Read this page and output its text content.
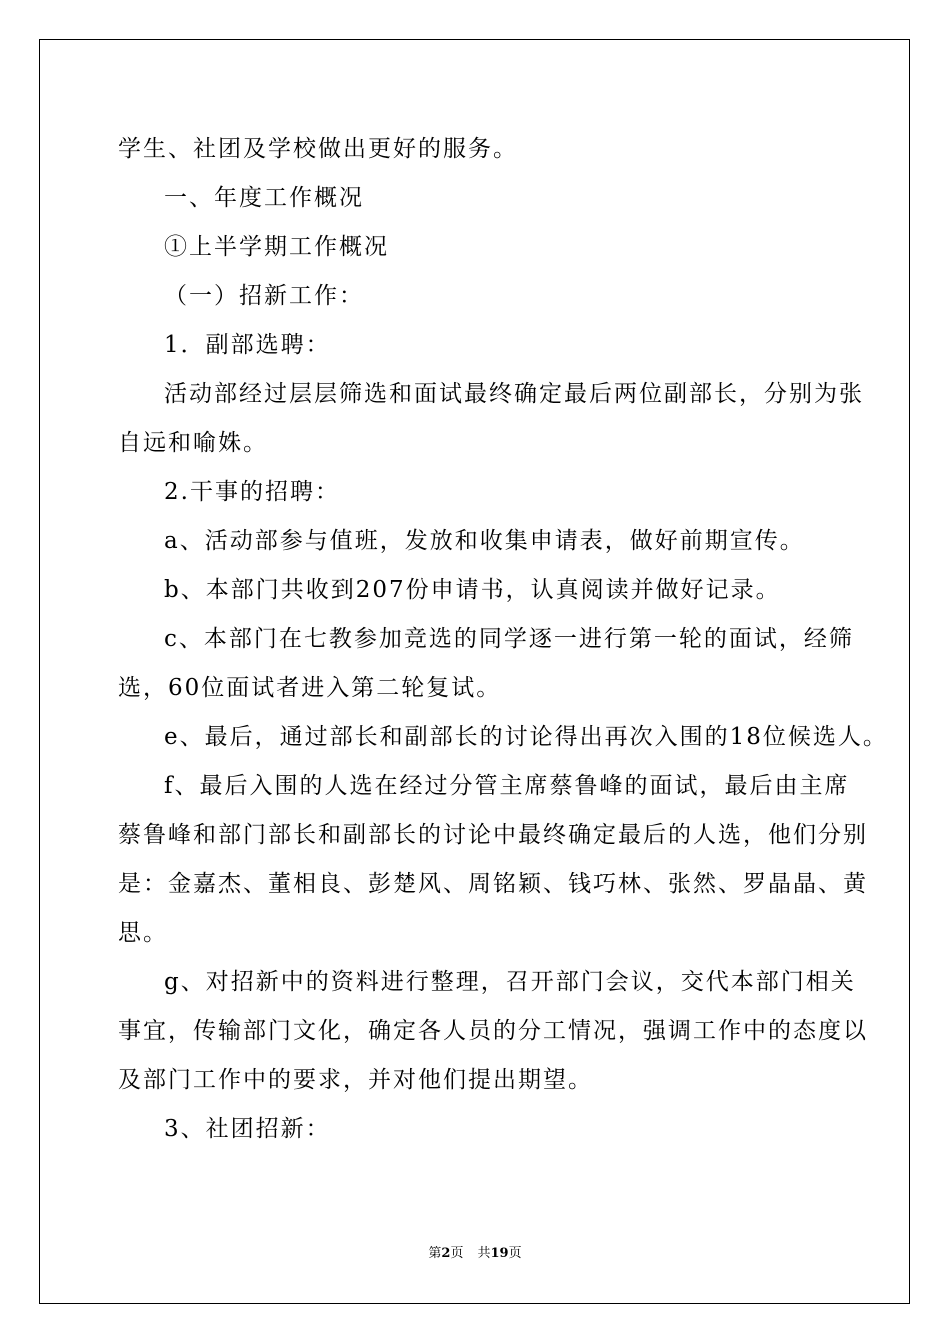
学生、社团及学校做出更好的服务。

一、年度工作概况

①上半学期工作概况

（一）招新工作：

1．副部选聘：

活动部经过层层筛选和面试最终确定最后两位副部长，分别为张
自远和喻姝。

2.干事的招聘：

a、活动部参与值班，发放和收集申请表，做好前期宣传。

b、本部门共收到207份申请书，认真阅读并做好记录。

c、本部门在七教参加竞选的同学逐一进行第一轮的面试，经筛
选，60位面试者进入第二轮复试。

e、最后，通过部长和副部长的讨论得出再次入围的18位候选人。

f、最后入围的人选在经过分管主席蔡鲁峰的面试，最后由主席
蔡鲁峰和部门部长和副部长的讨论中最终确定最后的人选，他们分别
是：金嘉杰、董相良、彭楚风、周铭颖、钱巧林、张然、罗晶晶、黄
思。

g、对招新中的资料进行整理，召开部门会议，交代本部门相关
事宜，传输部门文化，确定各人员的分工情况，强调工作中的态度以
及部门工作中的要求，并对他们提出期望。

3、社团招新：

第2页 共19页
